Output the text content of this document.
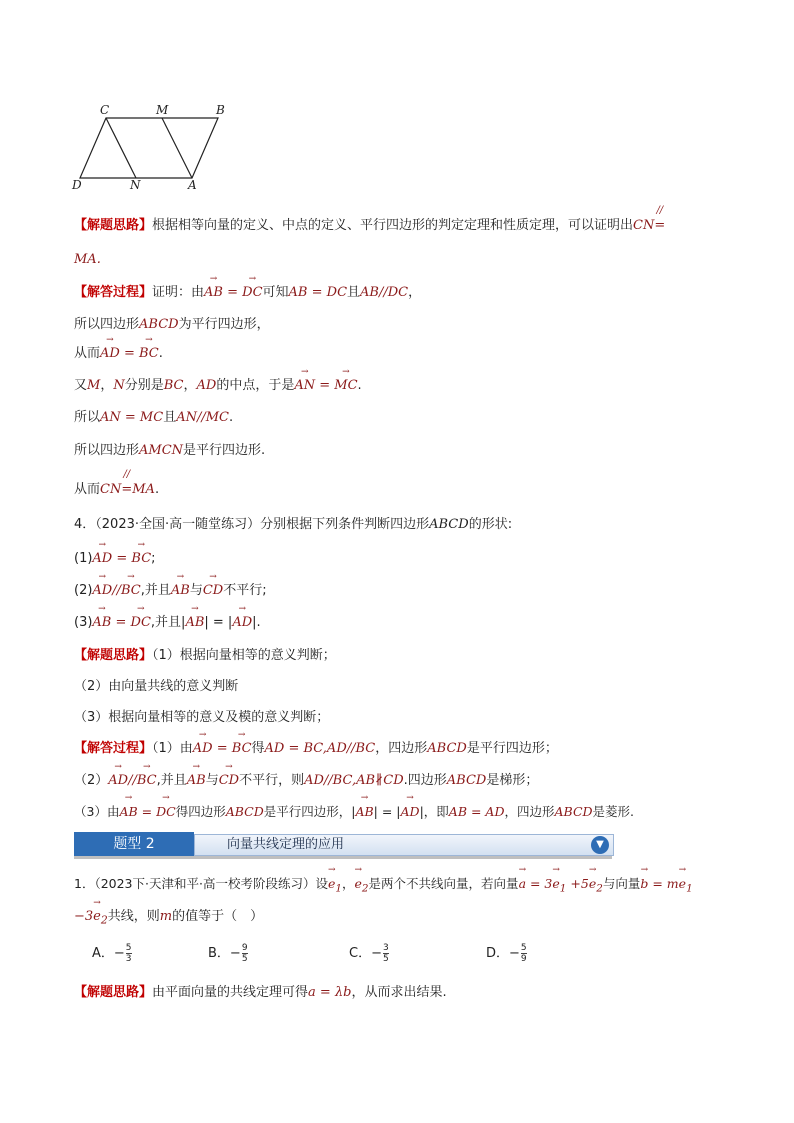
C	M	B
D	N	A
【解题思路】根据相等向量的定义、中点的定义、平行四边形的判定定理和性质定理，可以证明出CN
//
=
MA.
【解答过程】证明：由→ AB = → DC可知AB = DC且AB//DC，
所以四边形ABCD为平行四边形，
从而→ AD = → BC.
又M，N分别是BC，AD的中点，于是→ AN = → MC.
所以AN = MC且AN//MC.
所以四边形AMCN是平行四边形.
从而CN
//
=MA.
4．（2023·全国·高一随堂练习）分别根据下列条件判断四边形ABCD的形状:
(1)→ AD = → BC;
(2)→ AD//→ BC,并且→ AB与→ CD不平行;
(3)→ AB = → DC,并且|→ AB| = |→ AD|.
【解题思路】（1）根据向量相等的意义判断；
（2）由向量共线的意义判断
（3）根据向量相等的意义及模的意义判断；
【解答过程】（1）由→ AD = → BC得AD = BC,AD//BC，四边形ABCD是平行四边形；
（2）→ AD//→ BC,并且→ AB与→ CD不平行，则AD//BC,AB∦CD.四边形ABCD是梯形；
（3）由→ AB = → DC得四边形ABCD是平行四边形，|→ AB| = |→ AD|，即AB = AD，四边形ABCD是菱形.
题型 2	向量共线定理的应用	▼
1．（2023下·天津和平·高一校考阶段练习）设→ $e_1$，→ $e_2$是两个不共线向量，若向量→ $a = 3\to e_1 +5\to e_2$与向量→ $b = m\to e_1$
$-3\to e_2$共线，则m的值等于（　）
A．− $\frac{5}{3}$	B．− $\frac{9}{5}$	C．− $\frac{3}{5}$	D．− $\frac{5}{9}$
【解题思路】由平面向量的共线定理可得a = λb，从而求出结果.
